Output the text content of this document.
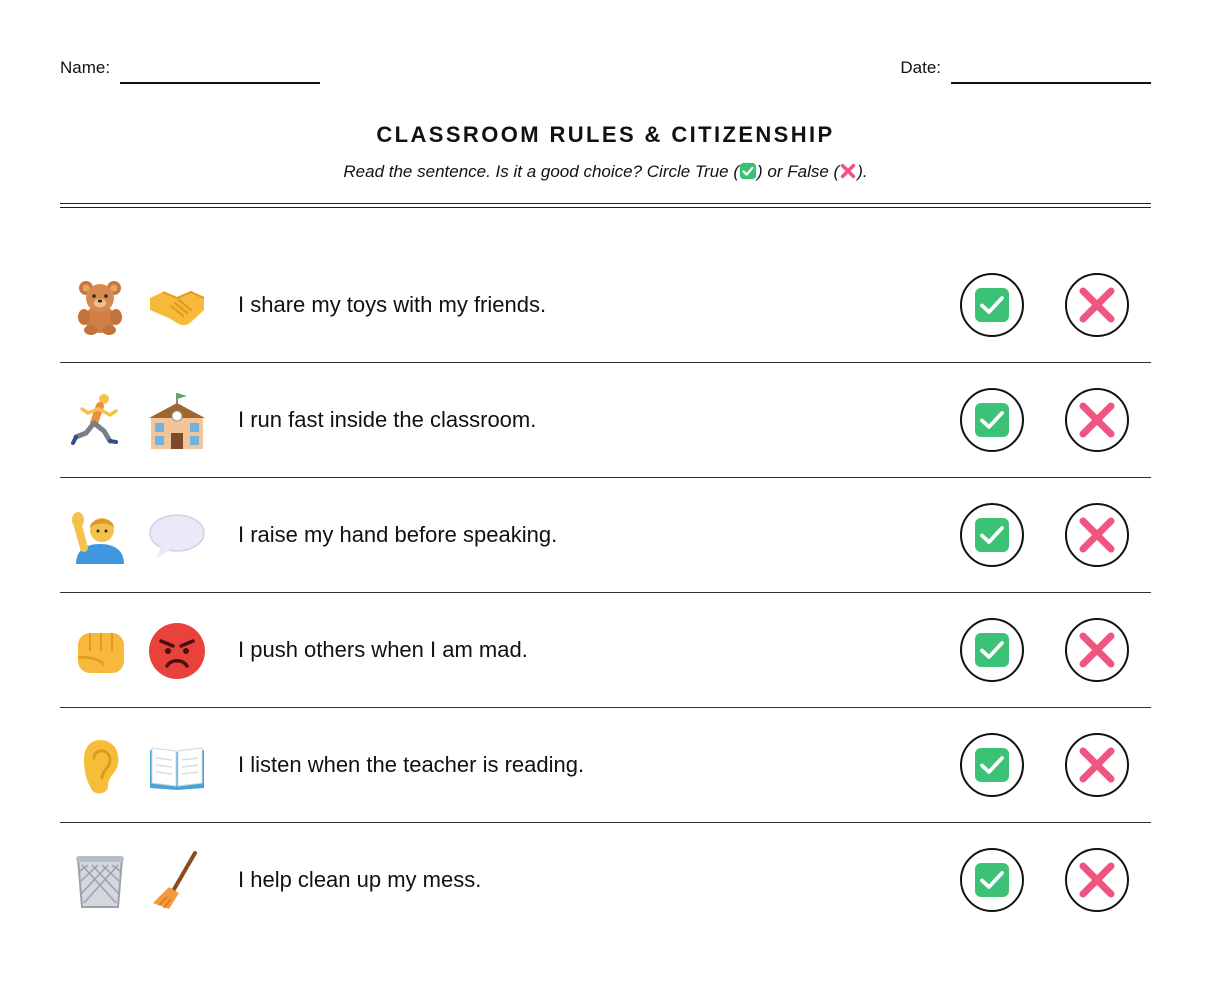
Name:	Date:
CLASSROOM RULES & CITIZENSHIP
Read the sentence. Is it a good choice? Circle True ( ) or False ( ).
I share my toys with my friends.
I run fast inside the classroom.
I raise my hand before speaking.
I push others when I am mad.
I listen when the teacher is reading.
I help clean up my mess.
